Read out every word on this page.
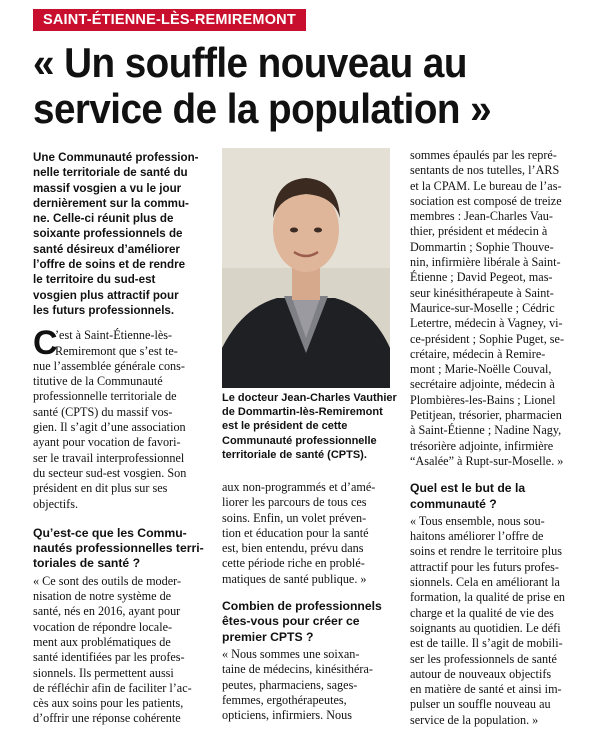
SAINT-ÉTIENNE-LÈS-REMIREMONT
« Un souffle nouveau au
service de la population »
Une Communauté profession-
nelle territoriale de santé du
massif vosgien a vu le jour
dernièrement sur la commu-
ne. Celle-ci réunit plus de
soixante professionnels de
santé désireux d’améliorer
l’offre de soins et de rendre
le territoire du sud-est
vosgien plus attractif pour
les futurs professionnels.
C
’est à Saint-Étienne-lès-
Remiremont que s’est te-
nue l’assemblée générale cons-
titutive de la Communauté
professionnelle territoriale de
santé (CPTS) du massif vos-
gien. Il s’agit d’une association
ayant pour vocation de favori-
ser le travail interprofessionnel
du secteur sud-est vosgien. Son
président en dit plus sur ses
objectifs.
Qu’est-ce que les Commu-
nautés professionnelles terri-
toriales de santé ?
« Ce sont des outils de moder-
nisation de notre système de
santé, nés en 2016, ayant pour
vocation de répondre locale-
ment aux problématiques de
santé identifiées par les profes-
sionnels. Ils permettent aussi
de réfléchir afin de faciliter l’ac-
cès aux soins pour les patients,
d’offrir une réponse cohérente
Le docteur Jean-Charles Vauthier
de Dommartin-lès-Remiremont
est le président de cette
Communauté professionnelle
territoriale de santé (CPTS).
aux non-programmés et d’amé-
liorer les parcours de tous ces
soins. Enfin, un volet préven-
tion et éducation pour la santé
est, bien entendu, prévu dans
cette période riche en problé-
matiques de santé publique. »
Combien de professionnels
êtes-vous pour créer ce
premier CPTS ?
« Nous sommes une soixan-
taine de médecins, kinésithéra-
peutes, pharmaciens, sages-
femmes, ergothérapeutes,
opticiens, infirmiers. Nous
sommes épaulés par les repré-
sentants de nos tutelles, l’ARS
et la CPAM. Le bureau de l’as-
sociation est composé de treize
membres : Jean-Charles Vau-
thier, président et médecin à
Dommartin ; Sophie Thouve-
nin, infirmière libérale à Saint-
Étienne ; David Pegeot, mas-
seur kinésithérapeute à Saint-
Maurice-sur-Moselle ; Cédric
Letertre, médecin à Vagney, vi-
ce-président ; Sophie Puget, se-
crétaire, médecin à Remire-
mont ; Marie-Noëlle Couval,
secrétaire adjointe, médecin à
Plombières-les-Bains ; Lionel
Petitjean, trésorier, pharmacien
à Saint-Étienne ; Nadine Nagy,
trésorière adjointe, infirmière
“Asalée” à Rupt-sur-Moselle. »
Quel est le but de la
communauté ?
« Tous ensemble, nous sou-
haitons améliorer l’offre de
soins et rendre le territoire plus
attractif pour les futurs profes-
sionnels. Cela en améliorant la
formation, la qualité de prise en
charge et la qualité de vie des
soignants au quotidien. Le défi
est de taille. Il s’agit de mobili-
ser les professionnels de santé
autour de nouveaux objectifs
en matière de santé et ainsi im-
pulser un souffle nouveau au
service de la population. »
